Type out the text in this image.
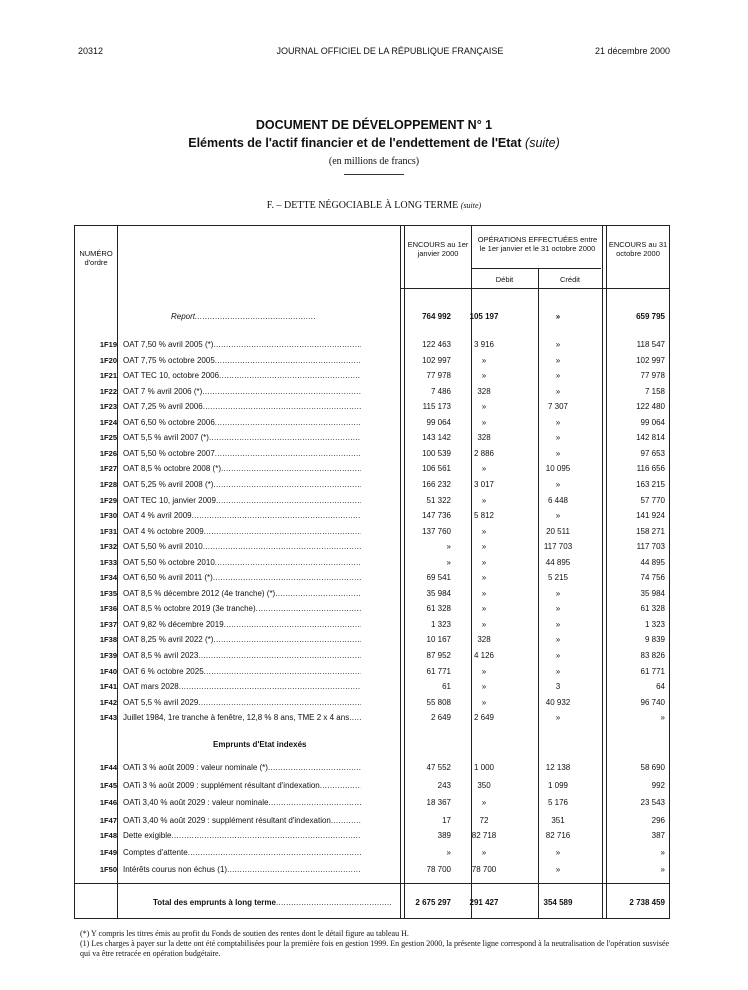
20312	JOURNAL OFFICIEL DE LA RÉPUBLIQUE FRANÇAISE	21 décembre 2000
DOCUMENT DE DÉVELOPPEMENT N° 1
Eléments de l'actif financier et de l'endettement de l'Etat (suite)
(en millions de francs)
F. – DETTE NÉGOCIABLE À LONG TERME (suite)
NUMÉRO d'ordre
ENCOURS au 1er janvier 2000
OPÉRATIONS EFFECTUÉES entre le 1er janvier et le 31 octobre 2000
Débit	Crédit
ENCOURS au 31 octobre 2000
Report .....	764 992	105 197	»	659 795
1F19 OAT 7,50 % avril 2005 (*) .....	122 463	3 916	»	118 547
1F20 OAT 7,75 % octobre 2005 .....	102 997	»	»	102 997
1F21 OAT TEC 10, octobre 2006 .....	77 978	»	»	77 978
1F22 OAT 7 % avril 2006 (*) .....	7 486	328	»	7 158
1F23 OAT 7,25 % avril 2006 .....	115 173	»	7 307	122 480
1F24 OAT 6,50 % octobre 2006 .....	99 064	»	»	99 064
1F25 OAT 5,5 % avril 2007 (*) .....	143 142	328	»	142 814
1F26 OAT 5,50 % octobre 2007 .....	100 539	2 886	»	97 653
1F27 OAT 8,5 % octobre 2008 (*) .....	106 561	»	10 095	116 656
1F28 OAT 5,25 % avril 2008 (*) .....	166 232	3 017	»	163 215
1F29 OAT TEC 10, janvier 2009 .....	51 322	»	6 448	57 770
1F30 OAT 4 % avril 2009 .....	147 736	5 812	»	141 924
1F31 OAT 4 % octobre 2009 .....	137 760	»	20 511	158 271
1F32 OAT 5,50 % avril 2010 .....	»	»	117 703	117 703
1F33 OAT 5,50 % octobre 2010 .....	»	»	44 895	44 895
1F34 OAT 6,50 % avril 2011 (*) .....	69 541	»	5 215	74 756
1F35 OAT 8,5 % décembre 2012 (4e tranche) (*) .....	35 984	»	»	35 984
1F36 OAT 8,5 % octobre 2019 (3e tranche) .....	61 328	»	»	61 328
1F37 OAT 9,82 % décembre 2019 .....	1 323	»	»	1 323
1F38 OAT 8,25 % avril 2022 (*) .....	10 167	328	»	9 839
1F39 OAT 8,5 % avril 2023 .....	87 952	4 126	»	83 826
1F40 OAT 6 % octobre 2025 .....	61 771	»	»	61 771
1F41 OAT mars 2028 .....	61	»	3	64
1F42 OAT 5,5 % avril 2029 .....	55 808	»	40 932	96 740
1F43 Juillet 1984, 1re tranche à fenêtre, 12,8 % 8 ans, TME 2 x 4 ans .....	2 649	2 649	»	»
1F44 OATi 3 % août 2009 : valeur nominale (*) .....	47 552	1 000	12 138	58 690
1F45 OATi 3 % août 2009 : supplément résultant d'indexation .....	243	350	1 099	992
1F46 OATi 3,40 % août 2029 : valeur nominale .....	18 367	»	5 176	23 543
1F47 OATi 3,40 % août 2029 : supplément résultant d'indexation .....	17	72	351	296
1F48 Dette exigible .....	389	82 718	82 716	387
1F49 Comptes d'attente .....	»	»	»	»
1F50 Intérêts courus non échus (1) .....	78 700	78 700	»	»
Emprunts d'Etat indexés
Total des emprunts à long terme .....	2 675 297	291 427	354 589	2 738 459
(*) Y compris les titres émis au profit du Fonds de soutien des rentes dont le détail figure au tableau H.
(1) Les charges à payer sur la dette ont été comptabilisées pour la première fois en gestion 1999. En gestion 2000, la présente ligne correspond à la neutralisation de l'opération susvisée qui va être retracée en opération budgétaire.
